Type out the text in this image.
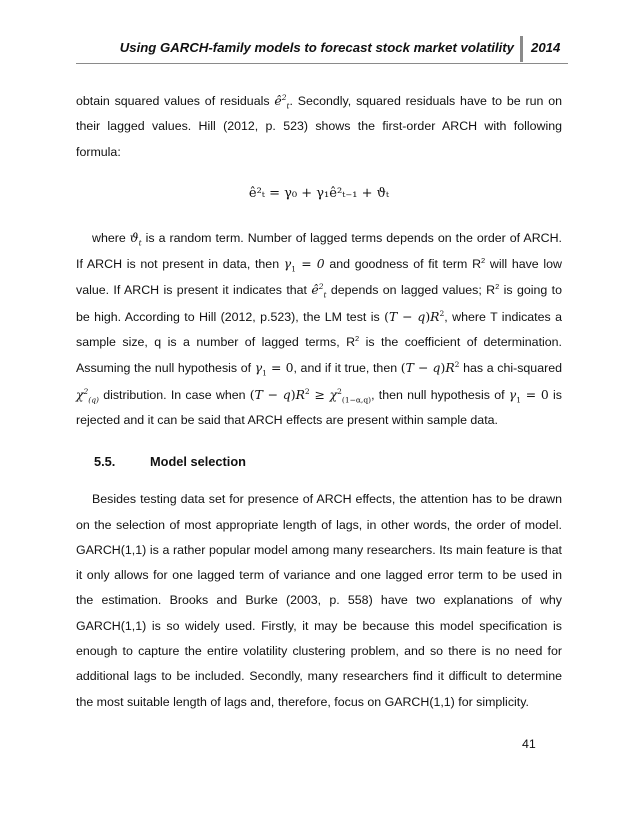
Using GARCH-family models to forecast stock market volatility 2014

obtain squared values of residuals $ê^2_t$. Secondly, squared residuals have to be run on their lagged values. Hill (2012, p. 523) shows the first-order ARCH with following formula:

ê²ₜ = γ₀ + γ₁ê²ₜ₋₁ + ϑₜ

where $ϑ_t$ is a random term. Number of lagged terms depends on the order of ARCH. If ARCH is not present in data, then $\gamma_1 = 0$ and goodness of fit term $R^2$ will have low value. If ARCH is present it indicates that $ê^2_t$ depends on lagged values; $R^2$ is going to be high. According to Hill (2012, p.523), the LM test is $(T - q)R^2$, where T indicates a sample size, q is a number of lagged terms, $R^2$ is the coefficient of determination. Assuming the null hypothesis of $\gamma_1 = 0$, and if it true, then $(T - q)R^2$ has a chi-squared $\chi^2_{(q)}$ distribution. In case when $(T - q)R^2 \ge \chi^2_{(1-\alpha,q)}$, then null hypothesis of $\gamma_1 = 0$ is rejected and it can be said that ARCH effects are present within sample data.

5.5.	Model selection

Besides testing data set for presence of ARCH effects, the attention has to be drawn on the selection of most appropriate length of lags, in other words, the order of model. GARCH(1,1) is a rather popular model among many researchers. Its main feature is that it only allows for one lagged term of variance and one lagged error term to be used in the estimation. Brooks and Burke (2003, p. 558) have two explanations of why GARCH(1,1) is so widely used. Firstly, it may be because this model specification is enough to capture the entire volatility clustering problem, and so there is no need for additional lags to be included. Secondly, many researchers find it difficult to determine the most suitable length of lags and, therefore, focus on GARCH(1,1) for simplicity.

41
